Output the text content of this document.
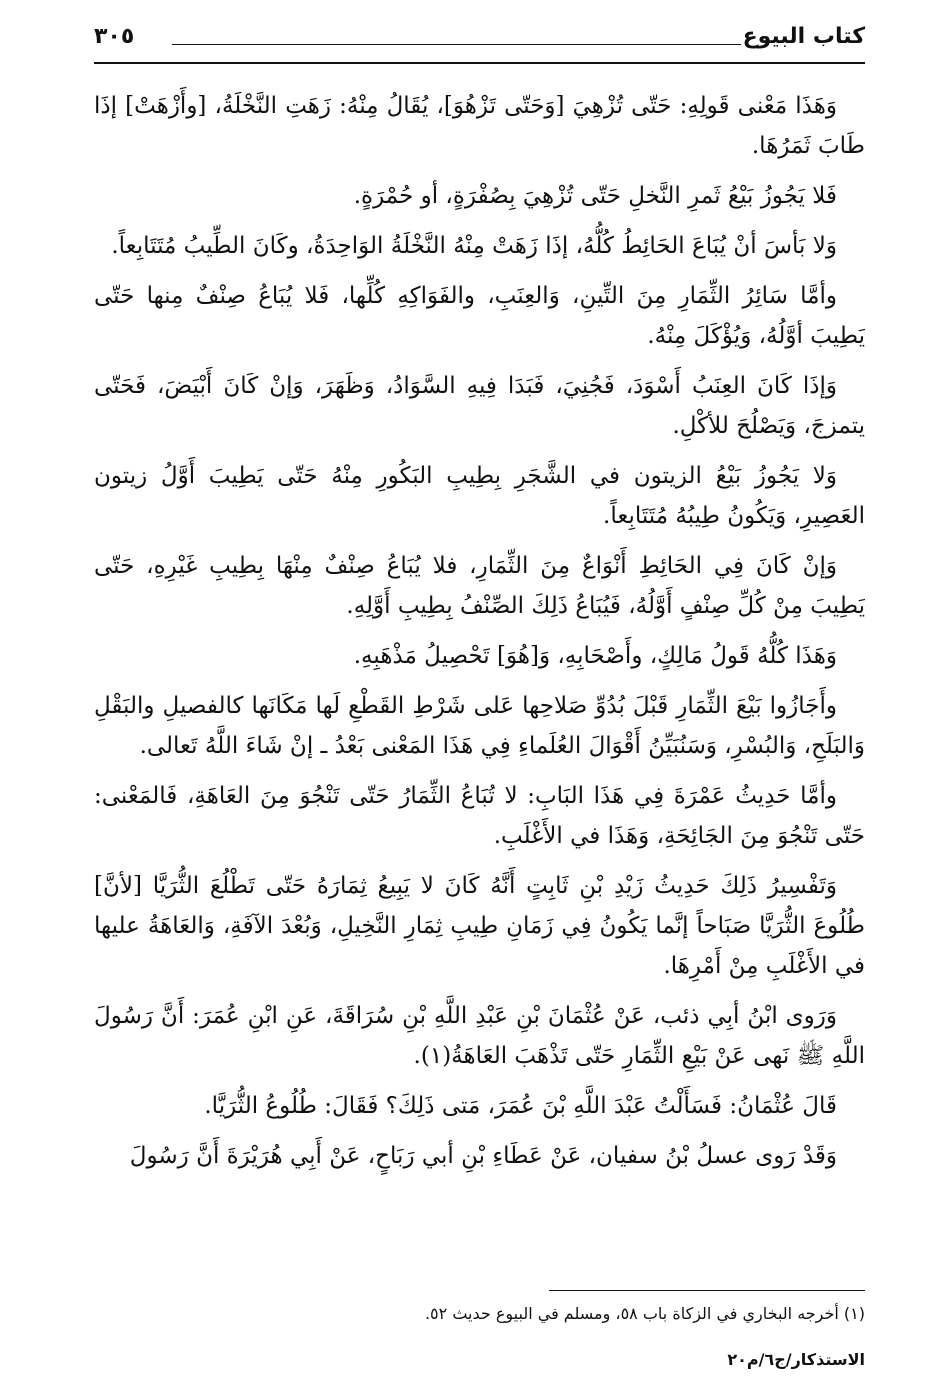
كتاب البيوع
٣٠٥

وَهَذَا مَعْنى قَولِهِ: حَتّى تُزْهِيَ [وَحَتّى تَزْهُوَ]، يُقَالُ مِنْهُ: زَهَتِ النَّخْلَةُ، [وأَزْهَتْ] إذَا طَابَ ثَمَرُهَا.

فَلا يَجُوزُ بَيْعُ ثَمرِ النَّخلِ حَتّى تُزْهِيَ بِصُفْرَةٍ، أو حُمْرَةٍ.

وَلا بَأسَ أنْ يُبَاعَ الحَائِطُ كُلُّهُ، إذَا زَهَتْ مِنْهُ النَّخْلَةُ الوَاحِدَةُ، وكَانَ الطِّيبُ مُتَتَابِعاً.

وأمَّا سَائِرُ الثِّمَارِ مِنَ التِّينِ، وَالعِنَبِ، والفَوَاكِهِ كُلِّها، فَلا يُبَاعُ صِنْفٌ مِنها حَتّى يَطِيبَ أوَّلُهُ، وَيُؤْكَلَ مِنْهُ.

وَإذَا كَانَ العِنَبُ أَسْوَدَ، فَجُنِيَ، فَبَدَا فِيهِ السَّوَادُ، وَظَهَرَ، وَإنْ كَانَ أَبْيَضَ، فَحَتّى يتمزجَ، وَيَصْلُحَ للأكْلِ.

وَلا يَجُوزُ بَيْعُ الزيتون في الشَّجَرِ بِطِيبِ البَكُورِ مِنْهُ حَتّى يَطِيبَ أَوَّلُ زيتون العَصِيرِ، وَيَكُونُ طِيبُهُ مُتَتَابِعاً.

وَإنْ كَانَ فِي الحَائِطِ أَنْوَاعٌ مِنَ الثِّمَارِ، فلا يُبَاعُ صِنْفٌ مِنْهَا بِطِيبِ غَيْرِهِ، حَتّى يَطِيبَ مِنْ كُلِّ صِنْفٍ أَوَّلُهُ، فَيُبَاعُ ذَلِكَ الصِّنْفُ بِطِيبِ أَوَّلِهِ.

وَهَذَا كُلُّهُ قَولُ مَالِكٍ، وأَصْحَابِهِ، وَ[هُوَ] تَحْصِيلُ مَذْهَبِهِ.

وأَجَازُوا بَيْعَ الثِّمَارِ قَبْلَ بُدُوِّ صَلاحِها عَلى شَرْطِ القَطْعِ لَها مَكَانَها كالفصيلِ والبَقْلِ وَالبَلَحِ، وَالبُسْرِ، وَسَنُبَيِّنُ أَقْوَالَ العُلَماءِ فِي هَذَا المَعْنى بَعْدُ ـ إنْ شَاءَ اللَّهُ تَعالى.

وأمَّا حَدِيثُ عَمْرَةَ فِي هَذَا البَابِ: لا تُبَاعُ الثِّمَارُ حَتّى تَنْجُوَ مِنَ العَاهَةِ، فَالمَعْنى: حَتّى تَنْجُوَ مِنَ الجَائِحَةِ، وَهَذَا في الأَغْلَبِ.

وَتَفْسِيرُ ذَلِكَ حَدِيثُ زَيْدِ بْنِ ثَابِتٍ أَنَّهُ كَانَ لا يَبِيعُ ثِمَارَهُ حَتّى تَطْلُعَ الثُّرَيَّا [لأنَّ] طُلُوعَ الثُّرَيَّا صَبَاحاً إنَّما يَكُونُ فِي زَمَانِ طِيبِ ثِمَارِ النَّخِيلِ، وَبُعْدَ الآفَةِ، وَالعَاهَةُ عليها في الأَغْلَبِ مِنْ أَمْرِهَا.

وَرَوى ابْنُ أبِي ذئب، عَنْ عُثْمَانَ بْنِ عَبْدِ اللَّهِ بْنِ سُرَاقَةَ، عَنِ ابْنِ عُمَرَ: أَنَّ رَسُولَ اللَّهِ ﷺ نَهى عَنْ بَيْعِ الثِّمَارِ حَتّى تَذْهَبَ العَاهَةُ(١).

قَالَ عُثْمَانُ: فَسَأَلْتُ عَبْدَ اللَّهِ بْنَ عُمَرَ، مَتى ذَلِكَ؟ فَقَالَ: طُلُوعُ الثُّرَيَّا.

وَقَدْ رَوى عسلُ بْنُ سفيان، عَنْ عَطَاءِ بْنِ أبي رَبَاحٍ، عَنْ أَبِي هُرَيْرَةَ أَنَّ رَسُولَ

(١) أخرجه البخاري في الزكاة باب ٥٨، ومسلم في البيوع حديث ٥٢.
الاستذكار/ج٦/م٢٠
